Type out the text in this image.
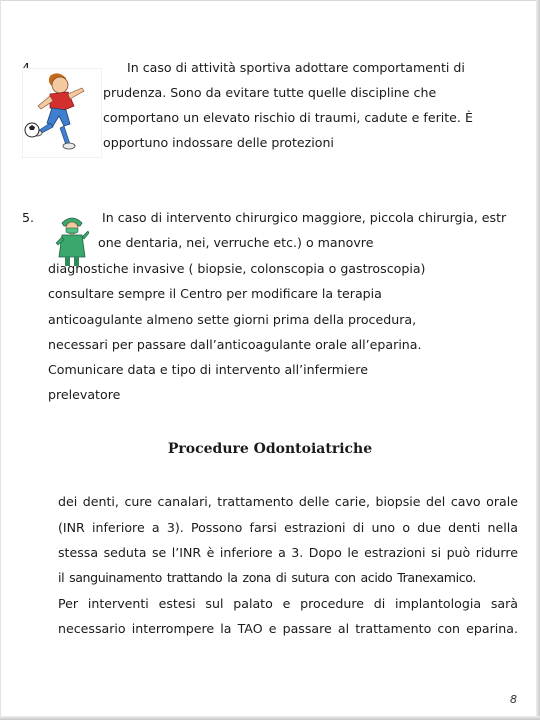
In caso di attività sportiva adottare comportamenti di
prudenza. Sono da evitare tutte quelle discipline che
comportano un elevato rischio di traumi, cadute e ferite. È
opportuno indossare delle protezioni
5.	In caso di intervento chirurgico maggiore, piccola chirurgia, estr
one dentaria, nei, verruche etc.) o manovre
diagnostiche invasive ( biopsie, colonscopia o gastroscopia)
consultare sempre il Centro per modificare la terapia
anticoagulante almeno sette giorni prima della procedura,
necessari per passare dall’anticoagulante orale all’eparina.
Comunicare data e tipo di intervento all’infermiere
prelevatore
Procedure Odontoiatriche
dei denti, cure canalari, trattamento delle carie, biopsie del cavo orale
(INR inferiore a 3). Possono farsi estrazioni di uno o due denti nella
stessa seduta se l’INR è inferiore a 3. Dopo le estrazioni si può ridurre
il sanguinamento trattando la zona di sutura con acido Tranexamico.
Per interventi estesi sul palato e procedure di implantologia sarà
necessario interrompere la TAO e passare al trattamento con eparina.
8
